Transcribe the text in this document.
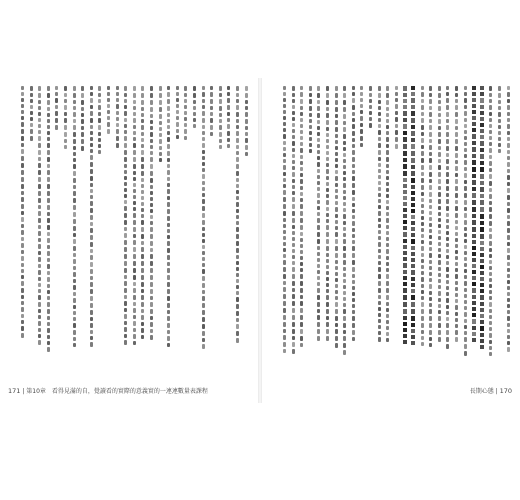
171 | 第10章　看得見滿的自，覺讀看的實際的意義實的一連連數量表課程	長期心態 | 170
